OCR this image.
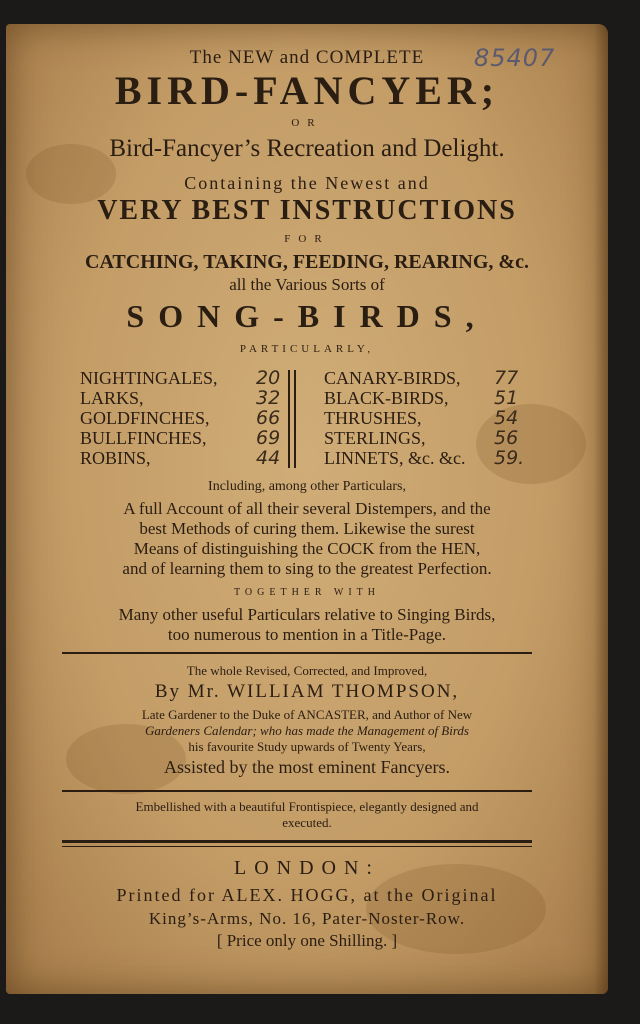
85407
The NEW and COMPLETE
BIRD-FANCYER;
OR
Bird-Fancyer’s Recreation and Delight.
Containing the Newest and
VERY BEST INSTRUCTIONS
FOR
CATCHING, TAKING, FEEDING, REARING, &c.
all the Various Sorts of
SONG-BIRDS,
PARTICULARLY,
NIGHTINGALES,
LARKS,
GOLDFINCHES,
BULLFINCHES,
ROBINS,
20
32
66
69
44
CANARY-BIRDS,
BLACK-BIRDS,
THRUSHES,
STERLINGS,
LINNETS, &c. &c.
77
51
54
56
59.
Including, among other Particulars,
A full Account of all their several Distempers, and the
best Methods of curing them. Likewise the surest
Means of distinguishing the COCK from the HEN,
and of learning them to sing to the greatest Perfection.
TOGETHER WITH
Many other useful Particulars relative to Singing Birds,
too numerous to mention in a Title-Page.
The whole Revised, Corrected, and Improved,
By Mr. WILLIAM THOMPSON,
Late Gardener to the Duke of ANCASTER, and Author of New
Gardeners Calendar; who has made the Management of Birds
his favourite Study upwards of Twenty Years,
Assisted by the most eminent Fancyers.
Embellished with a beautiful Frontispiece, elegantly designed and
executed.
LONDON:
Printed for ALEX. HOGG, at the Original
King’s-Arms, No. 16, Pater-Noster-Row.
[ Price only one Shilling. ]
